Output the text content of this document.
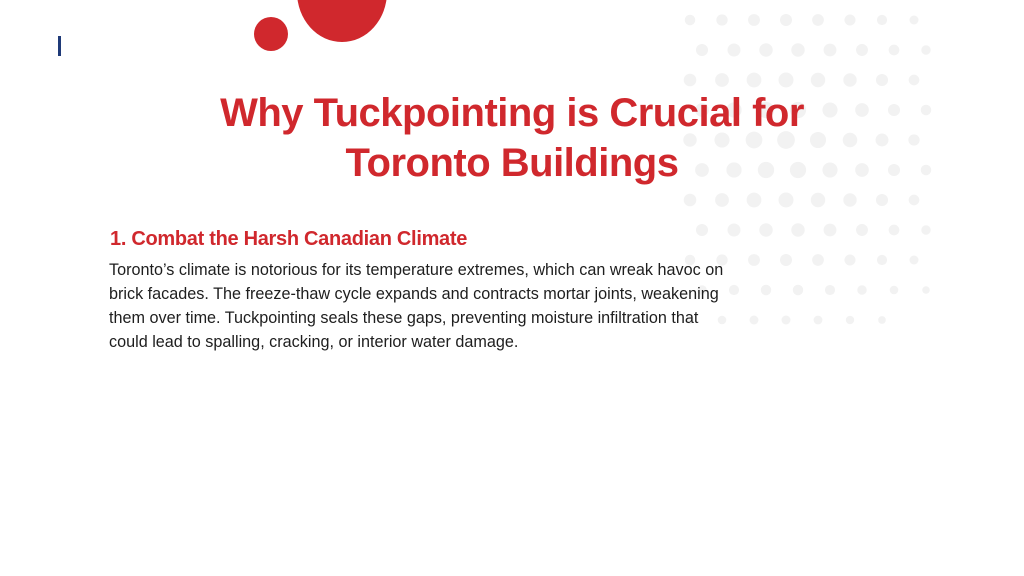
Why Tuckpointing is Crucial for
Toronto Buildings
1. Combat the Harsh Canadian Climate
Toronto’s climate is notorious for its temperature extremes, which can wreak havoc on
brick facades. The freeze-thaw cycle expands and contracts mortar joints, weakening
them over time. Tuckpointing seals these gaps, preventing moisture infiltration that
could lead to spalling, cracking, or interior water damage.
